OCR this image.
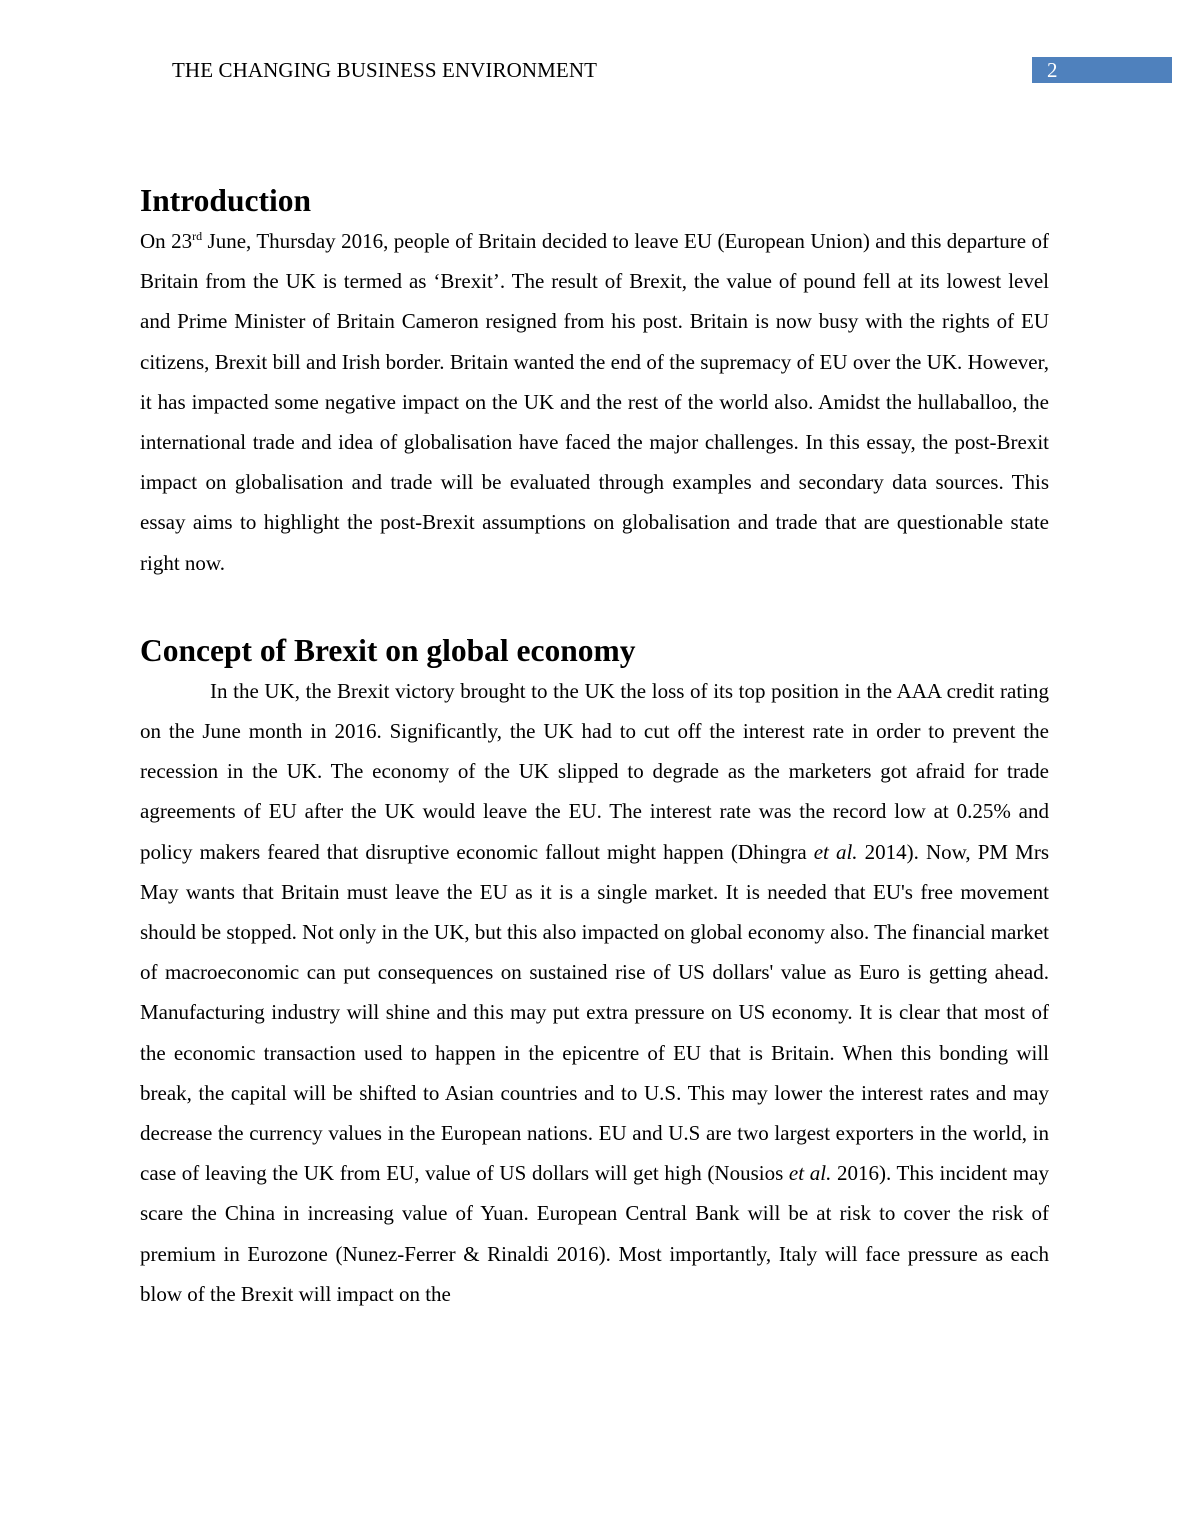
THE CHANGING BUSINESS ENVIRONMENT	2
Introduction

On 23rd June, Thursday 2016, people of Britain decided to leave EU (European Union) and this departure of Britain from the UK is termed as ‘Brexit’. The result of Brexit, the value of pound fell at its lowest level and Prime Minister of Britain Cameron resigned from his post. Britain is now busy with the rights of EU citizens, Brexit bill and Irish border. Britain wanted the end of the supremacy of EU over the UK. However, it has impacted some negative impact on the UK and the rest of the world also. Amidst the hullaballoo, the international trade and idea of globalisation have faced the major challenges. In this essay, the post-Brexit impact on globalisation and trade will be evaluated through examples and secondary data sources. This essay aims to highlight the post-Brexit assumptions on globalisation and trade that are questionable state right now.

Concept of Brexit on global economy

In the UK, the Brexit victory brought to the UK the loss of its top position in the AAA credit rating on the June month in 2016. Significantly, the UK had to cut off the interest rate in order to prevent the recession in the UK. The economy of the UK slipped to degrade as the marketers got afraid for trade agreements of EU after the UK would leave the EU. The interest rate was the record low at 0.25% and policy makers feared that disruptive economic fallout might happen (Dhingra et al. 2014). Now, PM Mrs May wants that Britain must leave the EU as it is a single market. It is needed that EU's free movement should be stopped. Not only in the UK, but this also impacted on global economy also. The financial market of macroeconomic can put consequences on sustained rise of US dollars' value as Euro is getting ahead. Manufacturing industry will shine and this may put extra pressure on US economy. It is clear that most of the economic transaction used to happen in the epicentre of EU that is Britain. When this bonding will break, the capital will be shifted to Asian countries and to U.S. This may lower the interest rates and may decrease the currency values in the European nations. EU and U.S are two largest exporters in the world, in case of leaving the UK from EU, value of US dollars will get high (Nousios et al. 2016). This incident may scare the China in increasing value of Yuan. European Central Bank will be at risk to cover the risk of premium in Eurozone (Nunez-Ferrer & Rinaldi 2016). Most importantly, Italy will face pressure as each blow of the Brexit will impact on the
